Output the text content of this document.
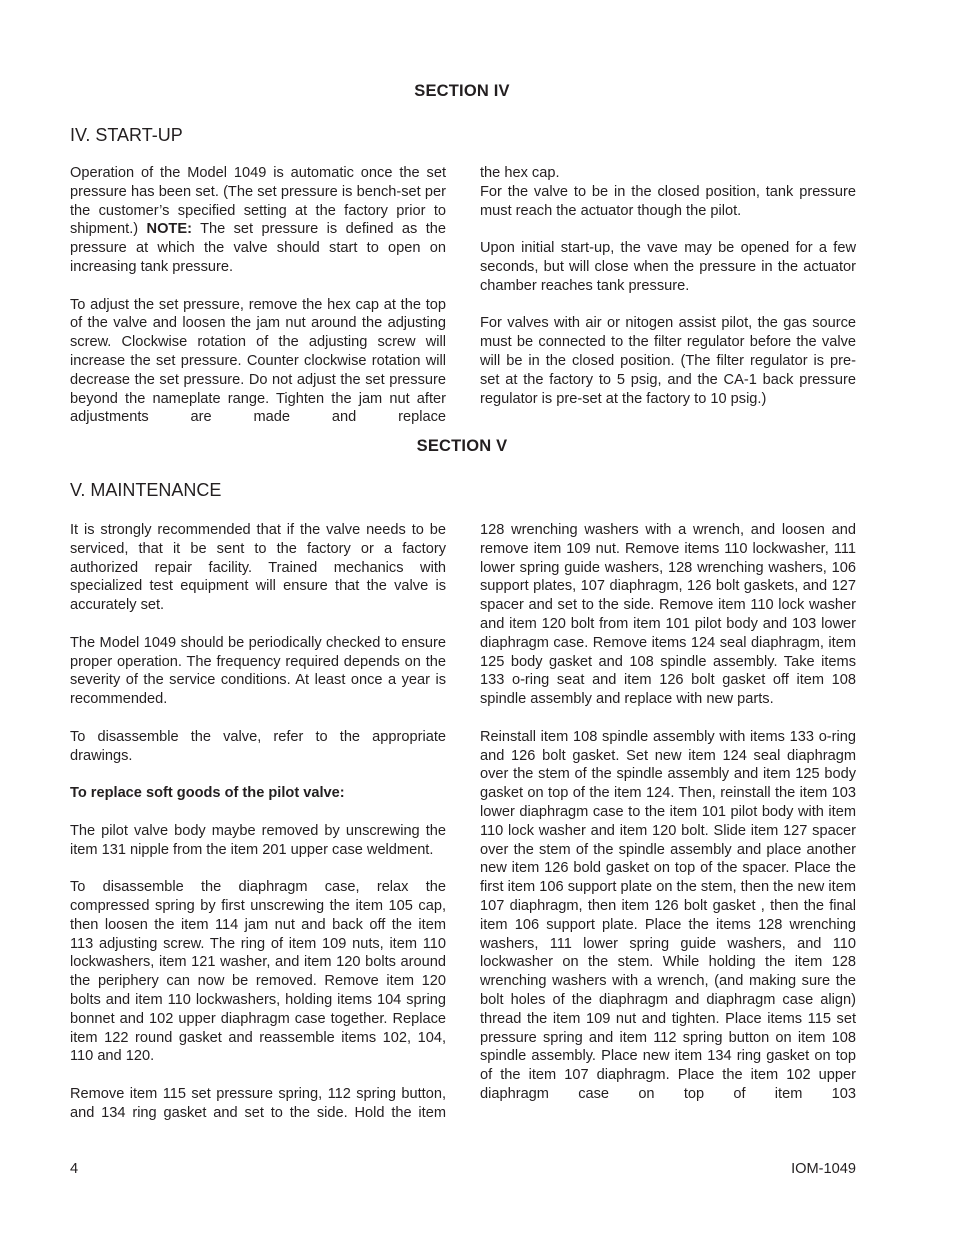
SECTION IV
IV. START-UP

Operation of the Model 1049 is automatic once the set pressure has been set. (The set pressure is bench-set per the customer’s specified setting at the factory prior to shipment.) NOTE: The set pressure is defined as the pressure at which the valve should start to open on increasing tank pressure.

To adjust the set pressure, remove the hex cap at the top of the valve and loosen the jam nut around the adjusting screw. Clockwise rotation of the adjusting screw will increase the set pressure. Counter clockwise rotation will decrease the set pressure. Do not adjust the set pressure beyond the nameplate range. Tighten the jam nut after adjustments are made and replace

the hex cap.

For the valve to be in the closed position, tank pressure must reach the actuator though the pilot.

Upon initial start-up, the vave may be opened for a few seconds, but will close when the pressure in the actuator chamber reaches tank pressure.

For valves with air or nitogen assist pilot, the gas source must be connected to the filter regulator before the valve will be in the closed position. (The filter regulator is pre-set at the factory to 5 psig, and the CA-1 back pressure regulator is pre-set at the factory to 10 psig.)

SECTION V
V. MAINTENANCE

It is strongly recommended that if the valve needs to be serviced, that it be sent to the factory or a factory authorized repair facility. Trained mechanics with specialized test equipment will ensure that the valve is accurately set.

The Model 1049 should be periodically checked to ensure proper operation. The frequency required depends on the severity of the service conditions. At least once a year is recommended.

To disassemble the valve, refer to the appropriate drawings.

To replace soft goods of the pilot valve:

The pilot valve body maybe removed by unscrewing the item 131 nipple from the item 201 upper case weldment.

To disassemble the diaphragm case, relax the compressed spring by first unscrewing the item 105 cap, then loosen the item 114 jam nut and back off the item 113 adjusting screw. The ring of item 109 nuts, item 110 lockwashers, item 121 washer, and item 120 bolts around the periphery can now be removed. Remove item 120 bolts and item 110 lockwashers, holding items 104 spring bonnet and 102 upper diaphragm case together. Replace item 122 round gasket and reassemble items 102, 104, 110 and 120.

Remove item 115 set pressure spring, 112 spring button, and 134 ring gasket and set to the side. Hold the item

128 wrenching washers with a wrench, and loosen and remove item 109 nut. Remove items 110 lockwasher, 111 lower spring guide washers, 128 wrenching washers, 106 support plates, 107 diaphragm, 126 bolt gaskets, and 127 spacer and set to the side. Remove item 110 lock washer and item 120 bolt from item 101 pilot body and 103 lower diaphragm case. Remove items 124 seal diaphragm, item 125 body gasket and 108 spindle assembly. Take items 133 o-ring seat and item 126 bolt gasket off item 108 spindle assembly and replace with new parts.

Reinstall item 108 spindle assembly with items 133 o-ring and 126 bolt gasket. Set new item 124 seal diaphragm over the stem of the spindle assembly and item 125 body gasket on top of the item 124. Then, reinstall the item 103 lower diaphragm case to the item 101 pilot body with item 110 lock washer and item 120 bolt. Slide item 127 spacer over the stem of the spindle assembly and place another new item 126 bold gasket on top of the spacer. Place the first item 106 support plate on the stem, then the new item 107 diaphragm, then item 126 bolt gasket , then the final item 106 support plate. Place the items 128 wrenching washers, 111 lower spring guide washers, and 110 lockwasher on the stem. While holding the item 128 wrenching washers with a wrench, (and making sure the bolt holes of the diaphragm and diaphragm case align) thread the item 109 nut and tighten. Place items 115 set pressure spring and item 112 spring button on item 108 spindle assembly. Place new item 134 ring gasket on top of the item 107 diaphragm. Place the item 102 upper diaphragm case on top of item 103

4	IOM-1049
